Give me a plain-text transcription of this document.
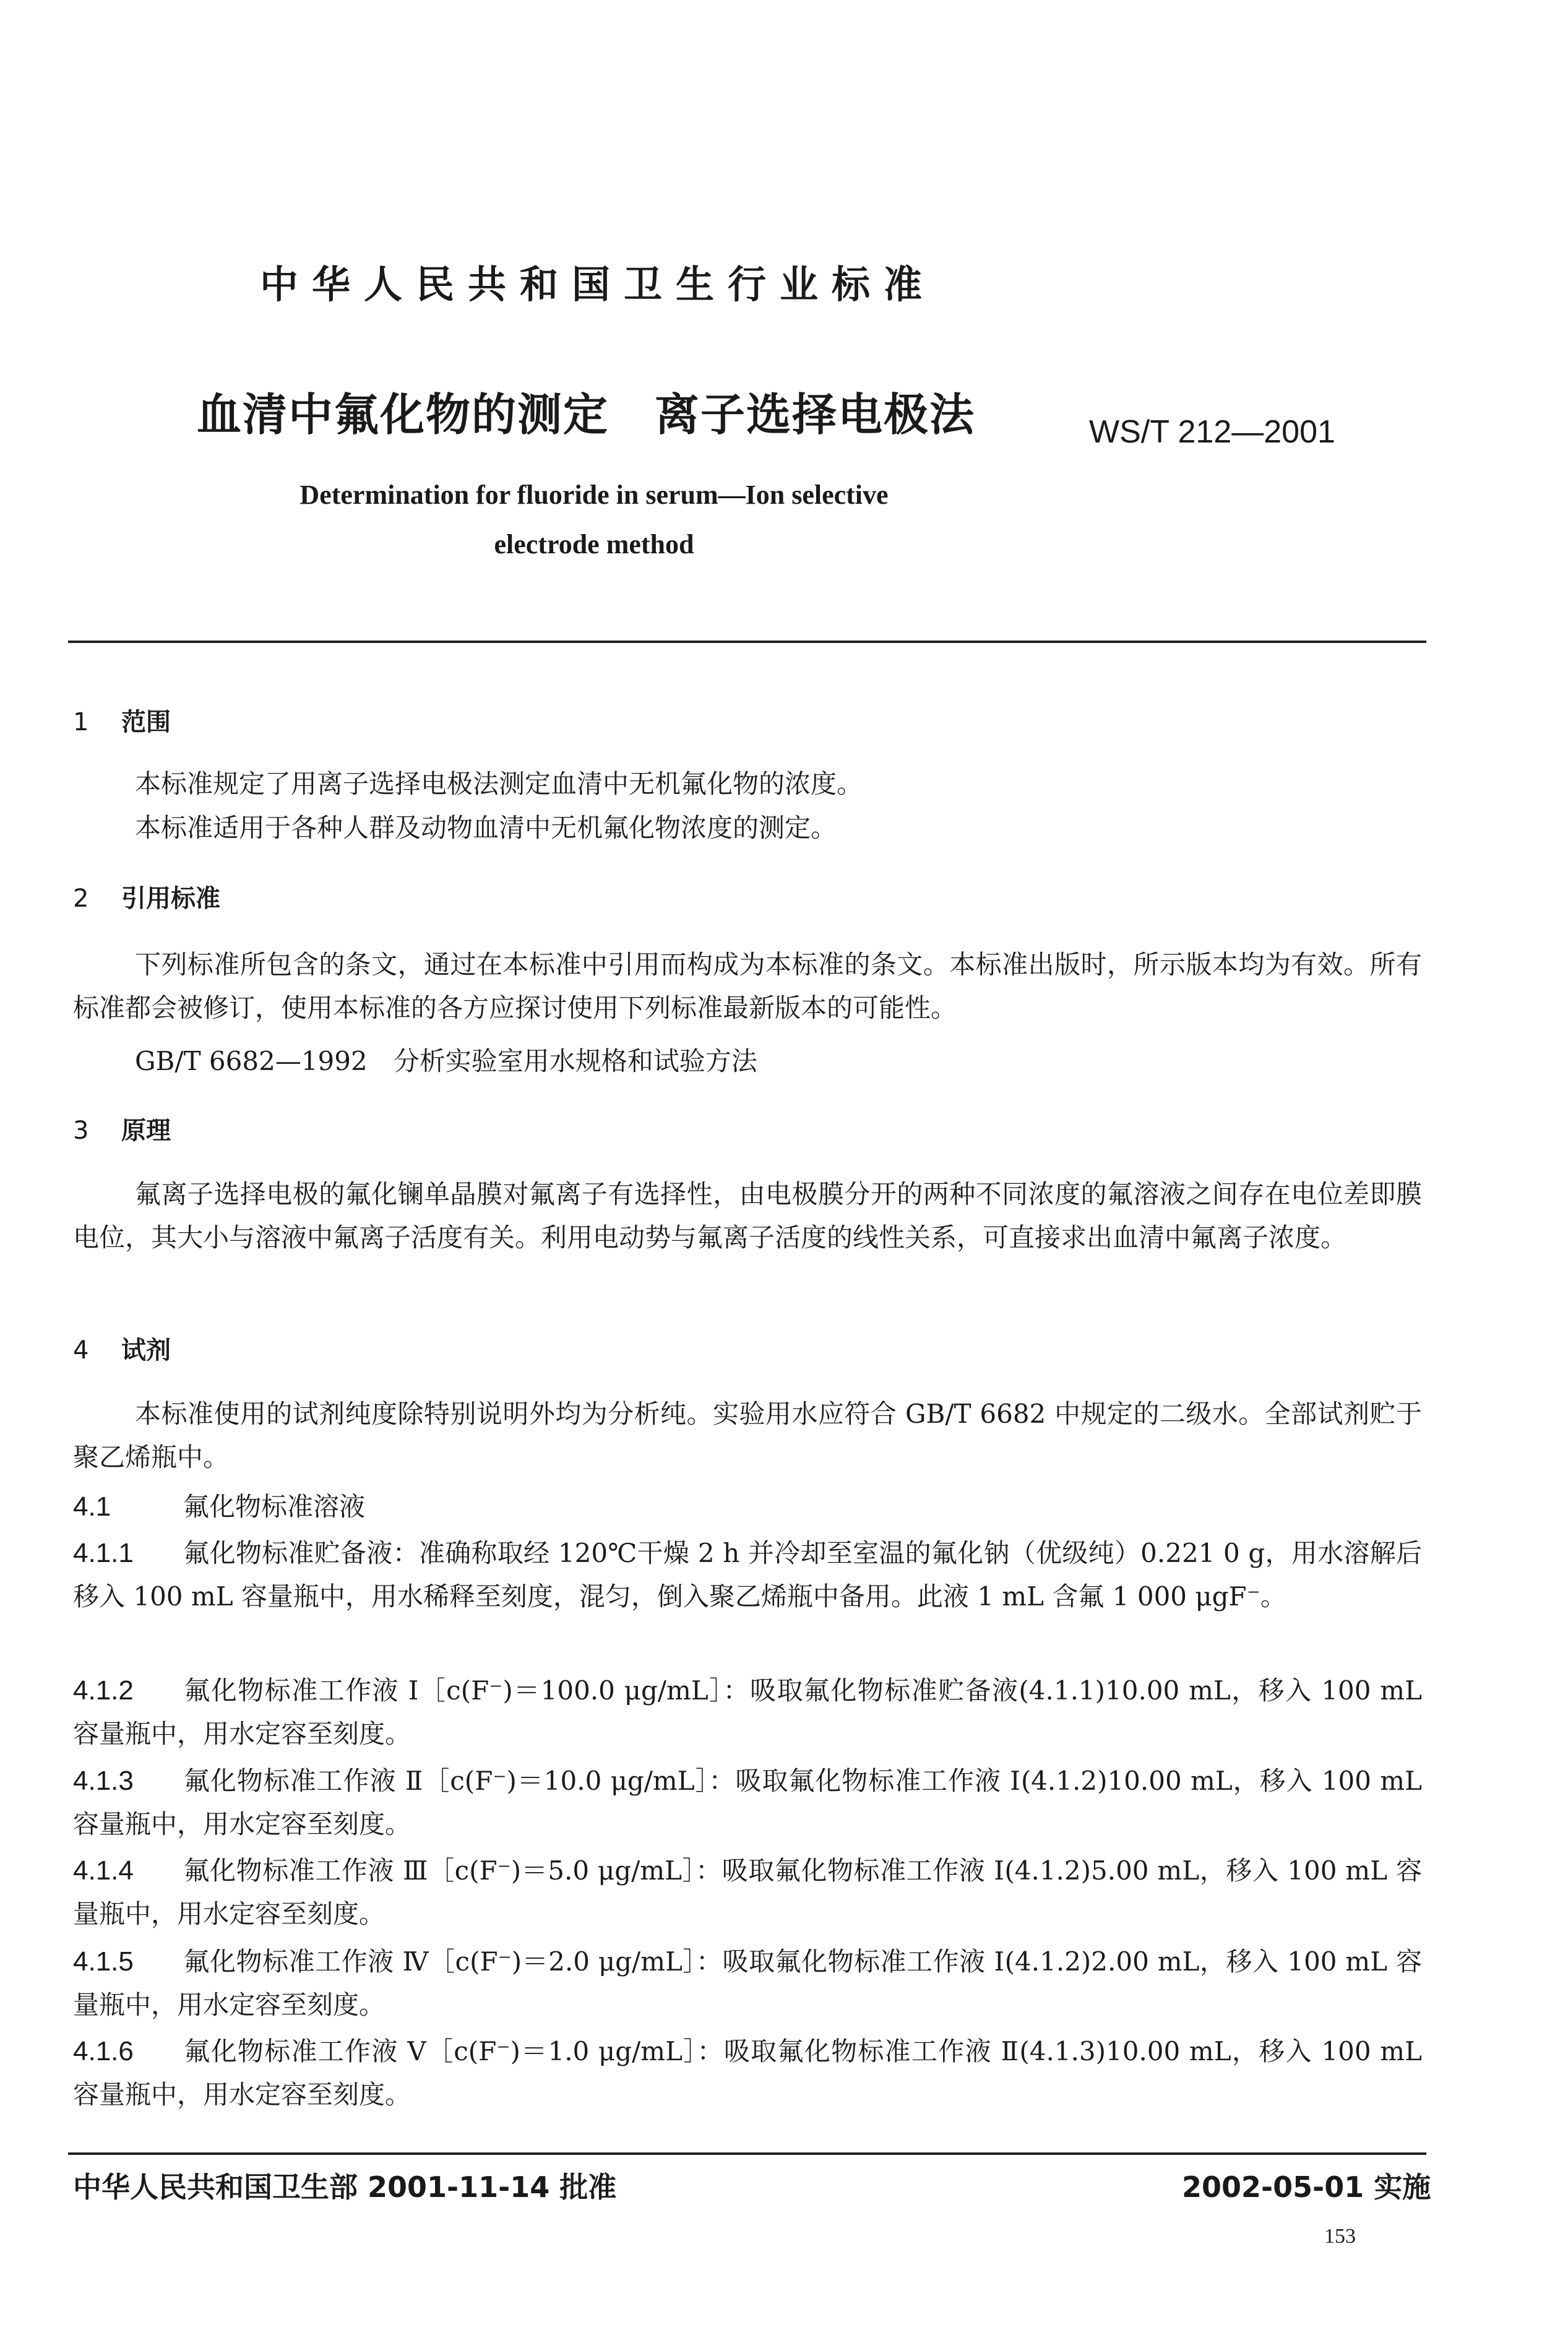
中华人民共和国卫生行业标准
血清中氟化物的测定　离子选择电极法	WS/T 212—2001
Determination for fluoride in serum—Ion selective
electrode method
1 范围

本标准规定了用离子选择电极法测定血清中无机氟化物的浓度。

本标准适用于各种人群及动物血清中无机氟化物浓度的测定。

2 引用标准

下列标准所包含的条文，通过在本标准中引用而构成为本标准的条文。本标准出版时，所示版本均为有效。所有标准都会被修订，使用本标准的各方应探讨使用下列标准最新版本的可能性。

GB/T 6682—1992　分析实验室用水规格和试验方法
3 原理

氟离子选择电极的氟化镧单晶膜对氟离子有选择性，由电极膜分开的两种不同浓度的氟溶液之间存在电位差即膜电位，其大小与溶液中氟离子活度有关。利用电动势与氟离子活度的线性关系，可直接求出血清中氟离子浓度。

4 试剂

本标准使用的试剂纯度除特别说明外均为分析纯。实验用水应符合 GB/T 6682 中规定的二级水。全部试剂贮于聚乙烯瓶中。

4.1	氟化物标准溶液
4.1.1 氟化物标准贮备液：准确称取经 120℃干燥 2 h 并冷却至室温的氟化钠（优级纯）0.221 0 g，用水溶解后移入 100 mL 容量瓶中，用水稀释至刻度，混匀，倒入聚乙烯瓶中备用。此液 1 mL 含氟 1 000 μgF⁻。
4.1.2 氟化物标准工作液 Ⅰ［c(F⁻)＝100.0 μg/mL］：吸取氟化物标准贮备液(4.1.1)10.00 mL，移入 100 mL 容量瓶中，用水定容至刻度。
4.1.3 氟化物标准工作液 Ⅱ［c(F⁻)＝10.0 μg/mL］：吸取氟化物标准工作液 Ⅰ(4.1.2)10.00 mL，移入 100 mL 容量瓶中，用水定容至刻度。
4.1.4 氟化物标准工作液 Ⅲ［c(F⁻)＝5.0 μg/mL］：吸取氟化物标准工作液 Ⅰ(4.1.2)5.00 mL，移入 100 mL 容量瓶中，用水定容至刻度。
4.1.5 氟化物标准工作液 Ⅳ［c(F⁻)＝2.0 μg/mL］：吸取氟化物标准工作液 Ⅰ(4.1.2)2.00 mL，移入 100 mL 容量瓶中，用水定容至刻度。
4.1.6 氟化物标准工作液 Ⅴ［c(F⁻)＝1.0 μg/mL］：吸取氟化物标准工作液 Ⅱ(4.1.3)10.00 mL，移入 100 mL 容量瓶中，用水定容至刻度。
中华人民共和国卫生部 2001-11-14 批准	2002-05-01 实施
153
